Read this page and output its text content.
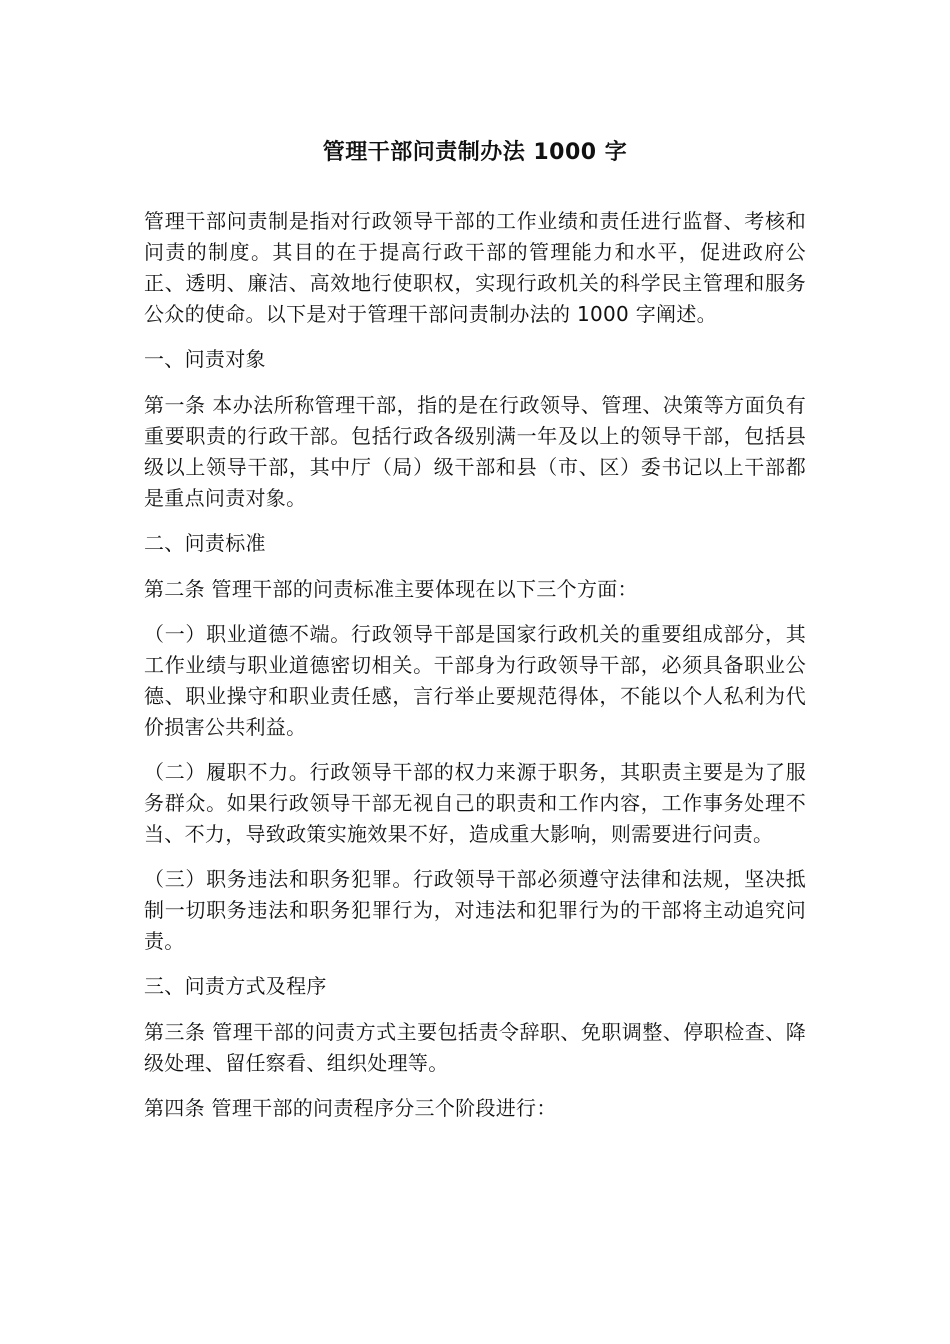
管理干部问责制办法 1000 字

管理干部问责制是指对行政领导干部的工作业绩和责任进行监督、考核和问责的制度。其目的在于提高行政干部的管理能力和水平，促进政府公正、透明、廉洁、高效地行使职权，实现行政机关的科学民主管理和服务公众的使命。以下是对于管理干部问责制办法的 1000 字阐述。

一、问责对象

第一条 本办法所称管理干部，指的是在行政领导、管理、决策等方面负有重要职责的行政干部。包括行政各级别满一年及以上的领导干部，包括县级以上领导干部，其中厅（局）级干部和县（市、区）委书记以上干部都是重点问责对象。

二、问责标准

第二条 管理干部的问责标准主要体现在以下三个方面：

（一）职业道德不端。行政领导干部是国家行政机关的重要组成部分，其工作业绩与职业道德密切相关。干部身为行政领导干部，必须具备职业公德、职业操守和职业责任感，言行举止要规范得体，不能以个人私利为代价损害公共利益。

（二）履职不力。行政领导干部的权力来源于职务，其职责主要是为了服务群众。如果行政领导干部无视自己的职责和工作内容，工作事务处理不当、不力，导致政策实施效果不好，造成重大影响，则需要进行问责。

（三）职务违法和职务犯罪。行政领导干部必须遵守法律和法规，坚决抵制一切职务违法和职务犯罪行为，对违法和犯罪行为的干部将主动追究问责。

三、问责方式及程序

第三条 管理干部的问责方式主要包括责令辞职、免职调整、停职检查、降级处理、留任察看、组织处理等。

第四条 管理干部的问责程序分三个阶段进行：
